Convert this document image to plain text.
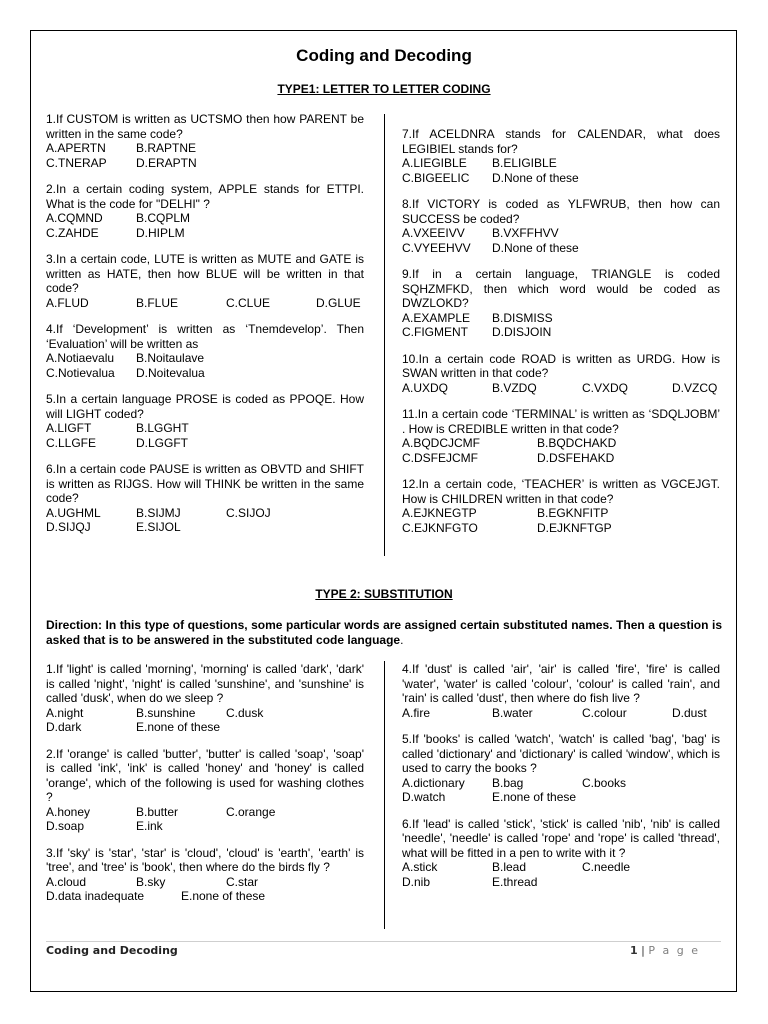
Coding and Decoding
TYPE1: LETTER TO LETTER CODING

1.If CUSTOM is written as UCTSMO then how PARENT be written in the same code?

A.APERTN	B.RAPTNE
C.TNERAP D.ERAPTN

2.In a certain coding system, APPLE stands for ETTPI. What is the code for "DELHI" ?

A.CQMND	B.CQPLM
C.ZAHDE	D.HIPLM

3.In a certain code, LUTE is written as MUTE and GATE is written as HATE, then how BLUE will be written in that code?

A.FLUD	B.FLUE	C.CLUE	D.GLUE

4.If ‘Development’ is written as ‘Tnemdevelop’. Then ‘Evaluation’ will be written as

A.Notiaevalu B.Noitaulave
C.Notievalua D.Noitevalua

5.In a certain language PROSE is coded as PPOQE. How will LIGHT coded?

A.LIGFT	B.LGGHT
C.LLGFE	D.LGGFT

6.In a certain code PAUSE is written as OBVTD and SHIFT is written as RIJGS. How will THINK be written in the same code?

A.UGHML	B.SIJMJ	C.SIJOJ
D.SIJQJ	E.SIJOL

7.If ACELDNRA stands for CALENDAR, what does LEGIBIEL stands for?

A.LIEGIBLE B.ELIGIBLE
C.BIGEELIC D.None of these

8.If VICTORY is coded as YLFWRUB, then how can SUCCESS be coded?

A.VXEEIVV B.VXFFHVV
C.VYEEHVV D.None of these

9.If in a certain language, TRIANGLE is coded SQHZMFKD, then which word would be coded as DWZLOKD?

A.EXAMPLE B.DISMISS
C.FIGMENT D.DISJOIN

10.In a certain code ROAD is written as URDG. How is SWAN written in that code?

A.UXDQ	B.VZDQ	C.VXDQ	D.VZCQ

11.In a certain code ‘TERMINAL’ is written as ‘SDQLJOBM’ . How is CREDIBLE written in that code?

A.BQDCJCMF	B.BQDCHAKD
C.DSFEJCMF	D.DSFEHAKD

12.In a certain code, ‘TEACHER’ is written as VGCEJGT. How is CHILDREN written in that code?

A.EJKNEGTP	B.EGKNFITP
C.EJKNFGTO	D.EJKNFTGP
TYPE 2: SUBSTITUTION
Direction: In this type of questions, some particular words are assigned certain substituted names. Then a question is asked that is to be answered in the substituted code language.

1.If 'light' is called 'morning', 'morning' is called 'dark', 'dark' is called 'night', 'night' is called 'sunshine', and 'sunshine' is called 'dusk', when do we sleep ?

A.night	B.sunshine	C.dusk
D.dark	E.none of these

2.If 'orange' is called 'butter', 'butter' is called 'soap', 'soap' is called 'ink', 'ink' is called 'honey' and 'honey' is called 'orange', which of the following is used for washing clothes ?

A.honey	B.butter	C.orange
D.soap	E.ink

3.If 'sky' is 'star', 'star' is 'cloud', 'cloud' is 'earth', 'earth' is 'tree', and 'tree' is 'book', then where do the birds fly ?

A.cloud	B.sky	C.star
D.data inadequate	E.none of these

4.If 'dust' is called 'air', 'air' is called 'fire', 'fire' is called 'water', 'water' is called 'colour', 'colour' is called 'rain', and 'rain' is called 'dust', then where do fish live ?

A.fire	B.water	C.colour	D.dust

5.If 'books' is called 'watch', 'watch' is called 'bag', 'bag' is called 'dictionary' and 'dictionary' is called 'window', which is used to carry the books ?

A.dictionary B.bag	C.books
D.watch	E.none of these

6.If 'lead' is called 'stick', 'stick' is called 'nib', 'nib' is called 'needle', 'needle' is called 'rope' and 'rope' is called 'thread', what will be fitted in a pen to write with it ?

A.stick	B.lead	C.needle
D.nib	E.thread
Coding and Decoding	1 | P a g e
